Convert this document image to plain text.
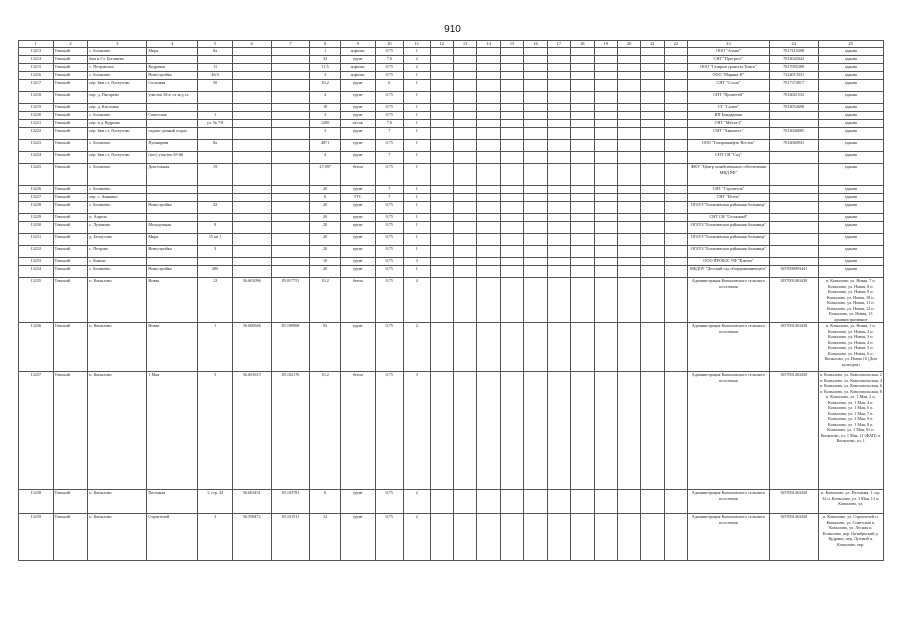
910
1	2	3	4	5	6	7	8	9	10	11	12	13	14	15	16	17	18	19	20	21	22	23	24	25
13213	Томский	с. Богашево	Мира	8а			1	асфальт	0,75	1												ООО "Алмаз"	7017410208	здания
13214	Томский	6км н Ст. Богашево					32	грунт	7,6	2												СНТ "Прогресс"	7014042642	здания
13215	Томский	с. Петровское	Кедровая	11			11,5	асфальт	0,75	2												ООО "Газпром трансгаз Томск"	7017005289	здания
13216	Томский	с. Богашево	Новостройка	46/3			3	асфальт	0,75	1												ООО "Марина-П"	7224013331	здания
13217	Томский	пер. 6км ст. Лоскутово	Сосновая	50			10,2	грунт	6	1												СНТ "Сосна"	7017374917	здания
13218	Томский	пер. д. Писарево	участок 38 в. от ж/д ст.				4	грунт	0,75	1												СНТ "Прометей"	7014021532	здания
13219	Томский	пер. д. Кисловка					10	грунт	0,75	1												СТ "Салют"	7014052696	здания
13220	Томский	с. Богашево	Советская	1			3	грунт	0,75	1												ИП Бондаренко		здания
13221	Томский	пер. в д. Кудрино		ул. № 7/8			1200	песок	7,6	1												СНТ "Мечта-2"		здания
13222	Томский	пер. 6км ст. Лоскутово	садово-дачный отдых				3	грунт	7	1												СНТ "Аванпост"	7014046085	здания
13223	Томский	с. Богашево	Пушкарева	8а			4871	грунт	0,75	1												ООО "Газпромнефть-Восток"	7014060941	здания
13224	Томский	пер. 6км ст. Лоскутово	(пос) участок 65-66				4	грунт	7	1												СНТ СН "Сад"		здания
13225	Томский	с. Богашево	Дом-ельная	19			27,097	бетон	0,75	1												ФКУ "Центр хозяйственного обеспечения МВД РФ"		здания
13226	Томский	с. Богашево					20	грунт	7	1												СНТ "Строитель"		здания
13227	Томский	пер. с. Аникино					6	ТТС	7	1												СНТ "Исток"		здания
13228	Томский	с. Богашево	Новостройка	42			20	грунт	0,75	1												ОГБУЗ "Богашевская районная больница"		здания
13229	Томский	п. Апрель					20	грунт	0,75	1												СНТ СН "Сосновый"		здания
13230	Томский	с. Лучаново	Молодежная	9			20	грунт	0,75	1												ОГБУЗ "Богашевская районная больница"		здания
13231	Томский	д. Белоусово	Мира	15 кв 1			20	грунт	0,75	1												ОГБУЗ "Богашевская районная больница"		здания
13232	Томский	с. Петрово	Новостройка	3			20	грунт	0,75	1												ОГБУЗ "Богашевская районная больница"		здания
13233	Томский	с. Ключи					10	грунт	0,75	3												ООО ПРОБОС РФ "Ключи"		здания
13234	Томский	с. Богашево	Новостройка	28б			20	грунт	0,75	1												МБДОУ "Детский сад общеразвивающего"	1057000093441	здания
13235	Томский	п. Копыловo	Новая	12	56.601096	85.017751	10,2	бетон	0,75	4												Администрация Копыловского сельского поселения	1057001463430	п. Копылово, ул. Новая, 7 п. Копылово, ул. Новая, 8 п. Копылово, ул. Новая, 9 п. Копылово, ул. Новая, 10 п. Копылово, ул. Новая, 11 п. Копылово, ул. Новая, 12 п. Копылово, ул. Новая, 13 административное
13236	Томский	п. Копыловo	Новая	1	56.600946	85.100968	92	грунт	0,75	2												Администрация Копыловского сельского поселения	1057001463430	п. Копылово, ул. Новая, 1 п. Копылово, ул. Новая, 2 п. Копылово, ул. Новая, 3 п. Копылово, ул. Новая, 4 п. Копылово, ул. Новая, 5 п. Копылово, ул. Новая, 6 п. Копылово, ул. Новая 16 (Дом культуры)
13237	Томский	п. Копыловo	1 Мая	5	56.601615	85.102176	10,2	бетон	0,75	3												Администрация Копыловского сельского поселения	1057001463430	п. Копылово, ул. Комсомольская, 2 п. Копылово, ул. Комсомольская, 4 п. Копылово, ул. Комсомольская, 6 п. Копылово, ул. Комсомольская, 8 п. Копылово, ул. 1 Мая, 2 п. Копылово, ул. 1 Мая, 4 п. Копылово, ул. 1 Мая, 6 п. Копылово, ул. 1 Мая, 7 п. Копылово, ул. 1 Мая, 9 п. Копылово, ул. 1 Мая, 8 п. Копылово, ул. 1 Мая, 91 п. Копылово, ул. 1 Мая, 11 (ФАП) п. Копылово, ул. 1
13238	Томский	п. Копыловo	Песчаная	1, стр. 32	56.603451	85.103781	6	грунт	0,75	2												Администрация Копыловского сельского поселения	1057001463430	п. Копылово, ул. Песчаная, 1 стр. 32 п. Копылово, ул. 1 Мая, 13 п. Копылово, ул.
13239	Томский	п. Копыловo	Строителей	3	56.598472	85.101511	12	грунт	0,75	2												Администрация Копыловского сельского поселения	1057001463430	п. Копылово, ул. Строителей п. Копылово, ул. Советская п. Копылово, ул. Лесная п. Копылово, пер. Октябрьский д. Кудрино, пер. Луговой п. Копылово, пер.
